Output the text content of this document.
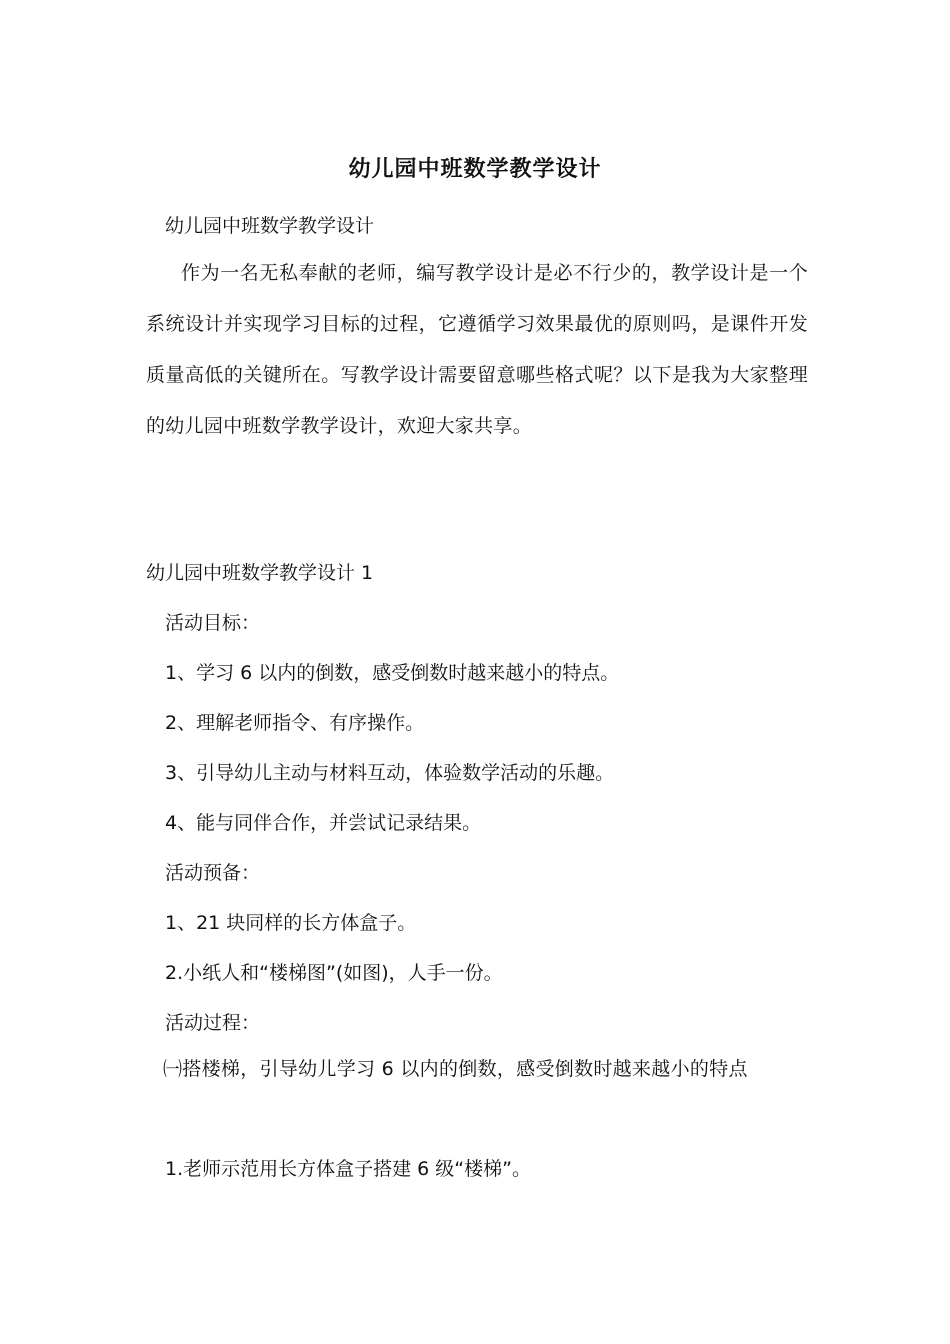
幼儿园中班数学教学设计
幼儿园中班数学教学设计
作为一名无私奉献的老师，编写教学设计是必不行少的，教学设计是一个系统设计并实现学习目标的过程，它遵循学习效果最优的原则吗，是课件开发质量高低的关键所在。写教学设计需要留意哪些格式呢？以下是我为大家整理的幼儿园中班数学教学设计，欢迎大家共享。
幼儿园中班数学教学设计 1
活动目标：
1、学习 6 以内的倒数，感受倒数时越来越小的特点。
2、理解老师指令、有序操作。
3、引导幼儿主动与材料互动，体验数学活动的乐趣。
4、能与同伴合作，并尝试记录结果。
活动预备：
1、21 块同样的长方体盒子。
2.小纸人和“楼梯图”(如图)，人手一份。
活动过程：
㈠搭楼梯，引导幼儿学习 6 以内的倒数，感受倒数时越来越小的特点
1.老师示范用长方体盒子搭建 6 级“楼梯”。
